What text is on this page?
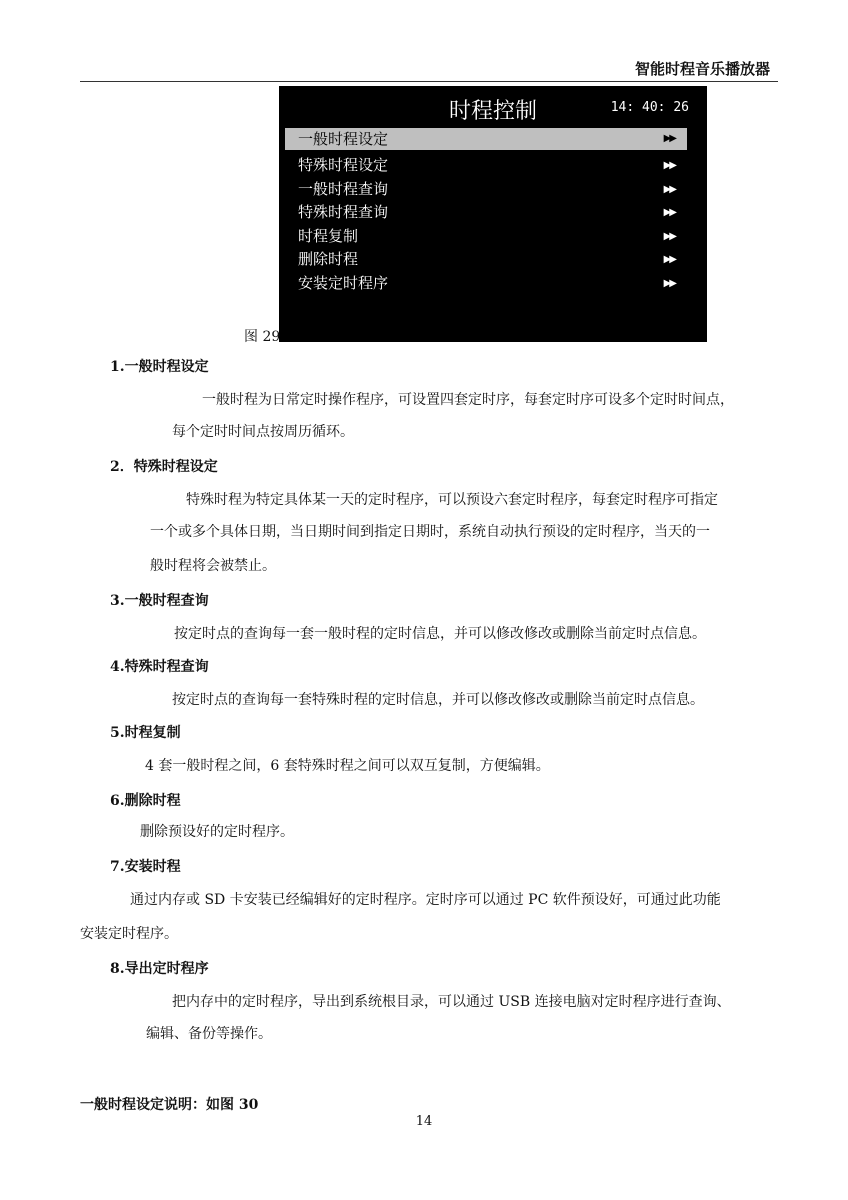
智能时程音乐播放器
时程控制	14: 40: 26
一般时程设定	▶▶
特殊时程设定	▶▶
一般时程查询	▶▶
特殊时程查询	▶▶
时程复制	▶▶
删除时程	▶▶
安装定时程序	▶▶
图 29
1.一般时程设定
一般时程为日常定时操作程序，可设置四套定时序，每套定时序可设多个定时时间点，
每个定时时间点按周历循环。
2．特殊时程设定
特殊时程为特定具体某一天的定时程序，可以预设六套定时程序，每套定时程序可指定
一个或多个具体日期，当日期时间到指定日期时，系统自动执行预设的定时程序，当天的一
般时程将会被禁止。
3.一般时程查询
按定时点的查询每一套一般时程的定时信息，并可以修改修改或删除当前定时点信息。
4.特殊时程查询
按定时点的查询每一套特殊时程的定时信息，并可以修改修改或删除当前定时点信息。
5.时程复制
4 套一般时程之间，6 套特殊时程之间可以双互复制，方便编辑。
6.删除时程
删除预设好的定时程序。
7.安装时程
通过内存或 SD 卡安装已经编辑好的定时程序。定时序可以通过 PC 软件预设好，可通过此功能
安装定时程序。
8.导出定时程序
把内存中的定时程序，导出到系统根目录，可以通过 USB 连接电脑对定时程序进行查询、
编辑、备份等操作。
一般时程设定说明：如图 30
14
